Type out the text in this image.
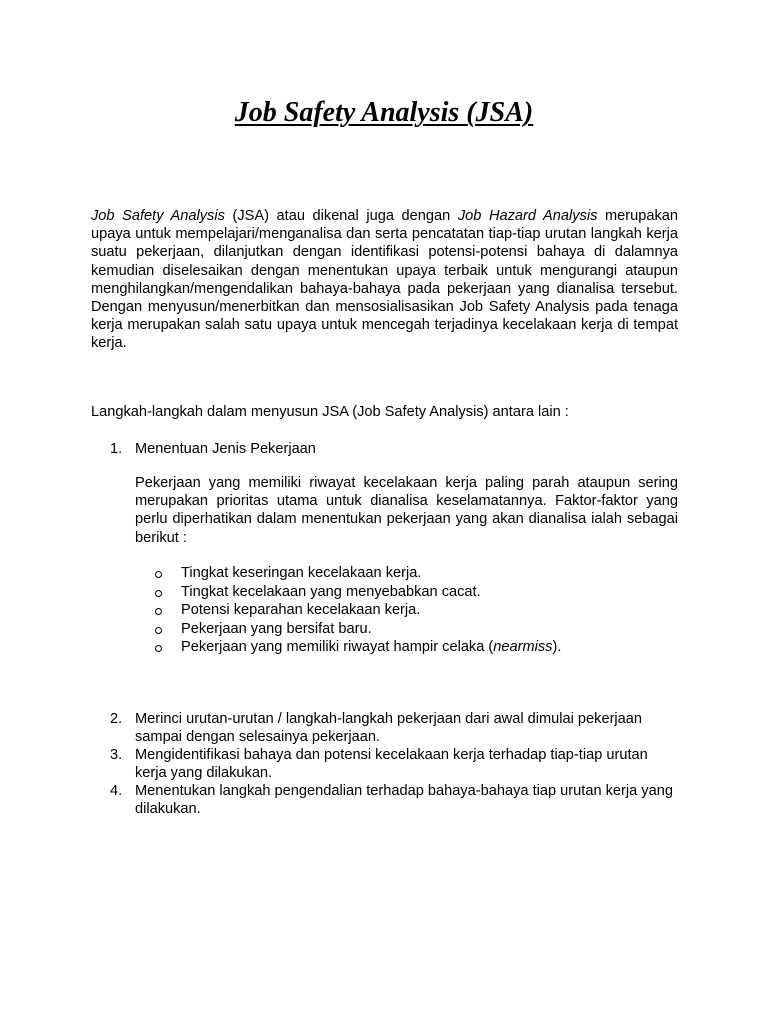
Job Safety Analysis (JSA)

Job Safety Analysis (JSA) atau dikenal juga dengan Job Hazard Analysis merupakan upaya untuk mempelajari/menganalisa dan serta pencatatan tiap-tiap urutan langkah kerja suatu pekerjaan, dilanjutkan dengan identifikasi potensi-potensi bahaya di dalamnya kemudian diselesaikan dengan menentukan upaya terbaik untuk mengurangi ataupun menghilangkan/mengendalikan bahaya-bahaya pada pekerjaan yang dianalisa tersebut. Dengan menyusun/menerbitkan dan mensosialisasikan Job Safety Analysis pada tenaga kerja merupakan salah satu upaya untuk mencegah terjadinya kecelakaan kerja di tempat kerja.

Langkah-langkah dalam menyusun JSA (Job Safety Analysis) antara lain :

1. Menentuan Jenis Pekerjaan

Pekerjaan yang memiliki riwayat kecelakaan kerja paling parah ataupun sering merupakan prioritas utama untuk dianalisa keselamatannya. Faktor-faktor yang perlu diperhatikan dalam menentukan pekerjaan yang akan dianalisa ialah sebagai berikut :

Tingkat keseringan kecelakaan kerja.
Tingkat kecelakaan yang menyebabkan cacat.
Potensi keparahan kecelakaan kerja.
Pekerjaan yang bersifat baru.
Pekerjaan yang memiliki riwayat hampir celaka (nearmiss).
2. Merinci urutan-urutan / langkah-langkah pekerjaan dari awal dimulai pekerjaan sampai dengan selesainya pekerjaan.
3. Mengidentifikasi bahaya dan potensi kecelakaan kerja terhadap tiap-tiap urutan kerja yang dilakukan.
4. Menentukan langkah pengendalian terhadap bahaya-bahaya tiap urutan kerja yang dilakukan.
